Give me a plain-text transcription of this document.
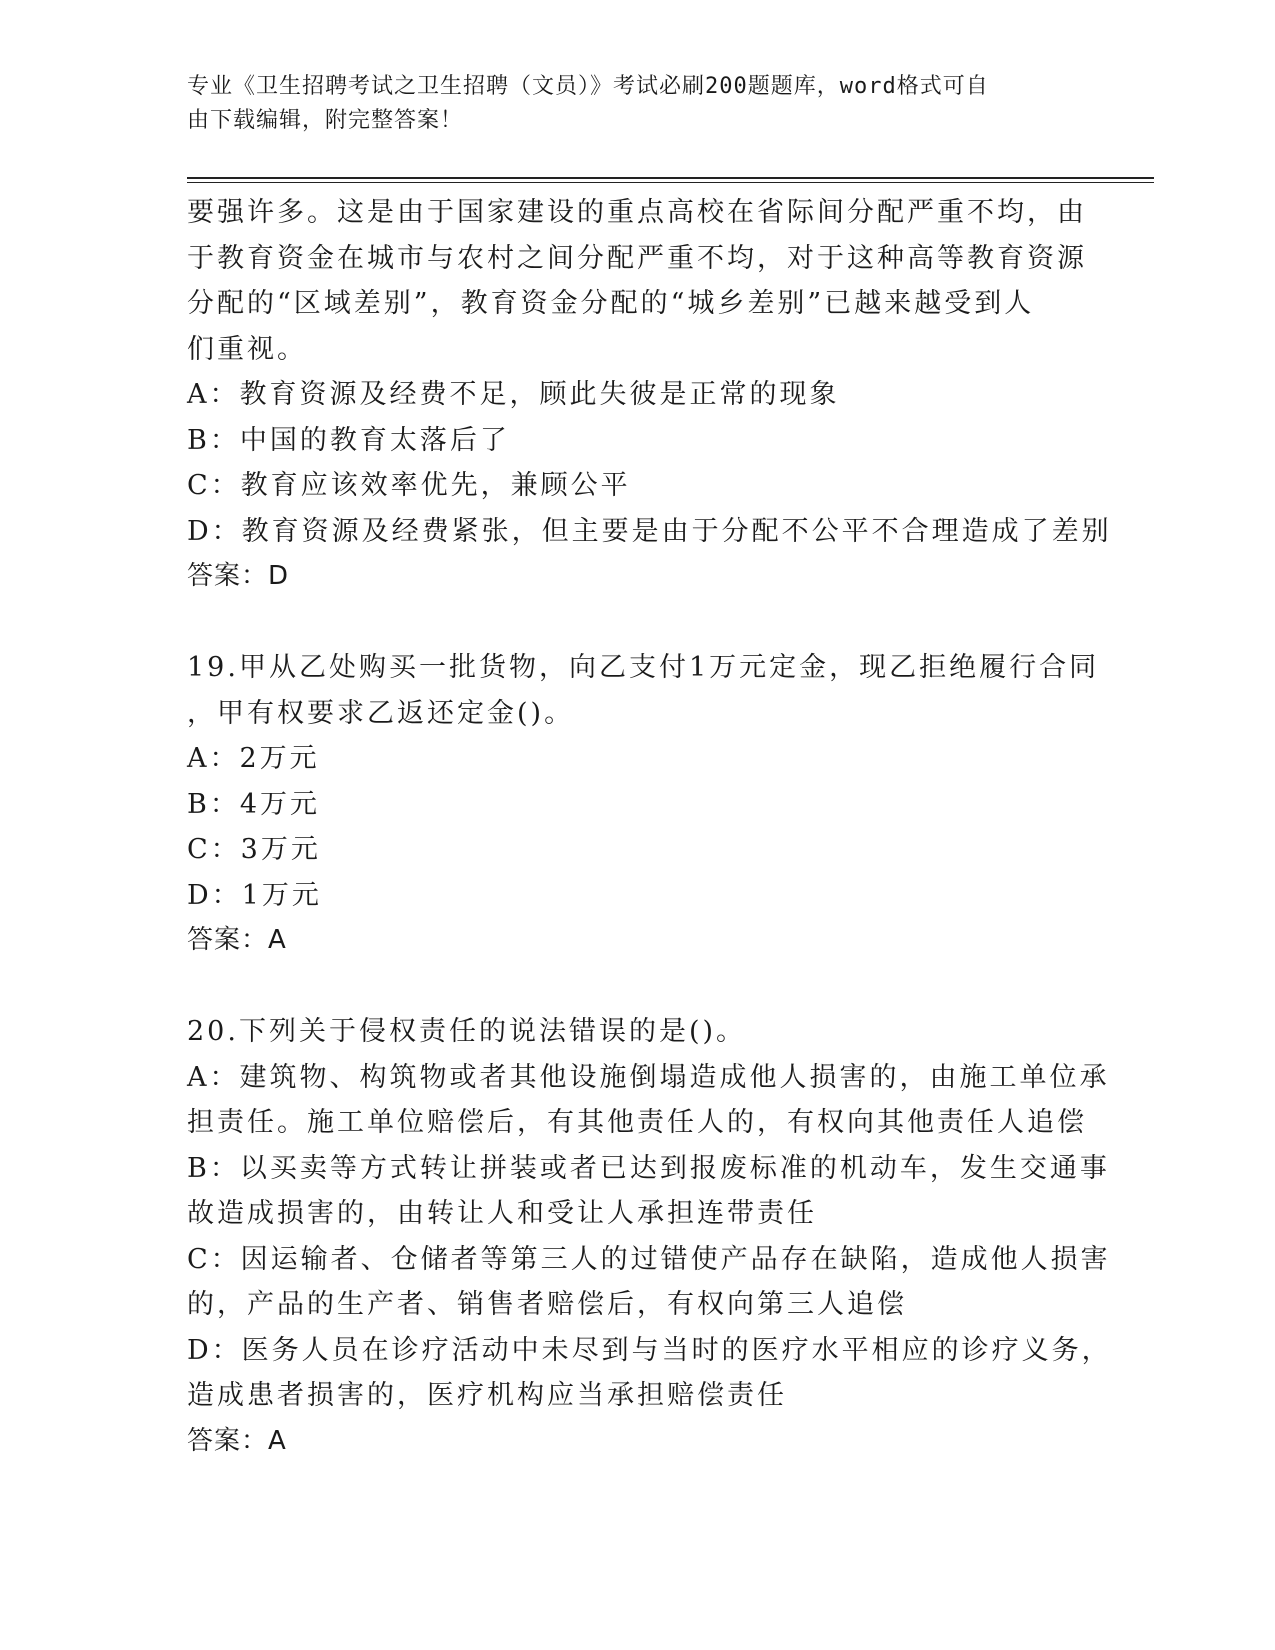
专业《卫生招聘考试之卫生招聘（文员）》考试必刷200题题库，word格式可自
由下载编辑，附完整答案！
要强许多。这是由于国家建设的重点高校在省际间分配严重不均，由
于教育资金在城市与农村之间分配严重不均，对于这种高等教育资源
分配的“区域差别”，教育资金分配的“城乡差别”已越来越受到人
们重视。
A：教育资源及经费不足，顾此失彼是正常的现象
B：中国的教育太落后了
C：教育应该效率优先，兼顾公平
D：教育资源及经费紧张，但主要是由于分配不公平不合理造成了差别
答案：D
19.甲从乙处购买一批货物，向乙支付1万元定金，现乙拒绝履行合同
，甲有权要求乙返还定金()。
A：2万元
B：4万元
C：3万元
D：1万元
答案：A
20.下列关于侵权责任的说法错误的是()。
A：建筑物、构筑物或者其他设施倒塌造成他人损害的，由施工单位承
担责任。施工单位赔偿后，有其他责任人的，有权向其他责任人追偿
B：以买卖等方式转让拼装或者已达到报废标准的机动车，发生交通事
故造成损害的，由转让人和受让人承担连带责任
C：因运输者、仓储者等第三人的过错使产品存在缺陷，造成他人损害
的，产品的生产者、销售者赔偿后，有权向第三人追偿
D：医务人员在诊疗活动中未尽到与当时的医疗水平相应的诊疗义务，
造成患者损害的，医疗机构应当承担赔偿责任
答案：A
